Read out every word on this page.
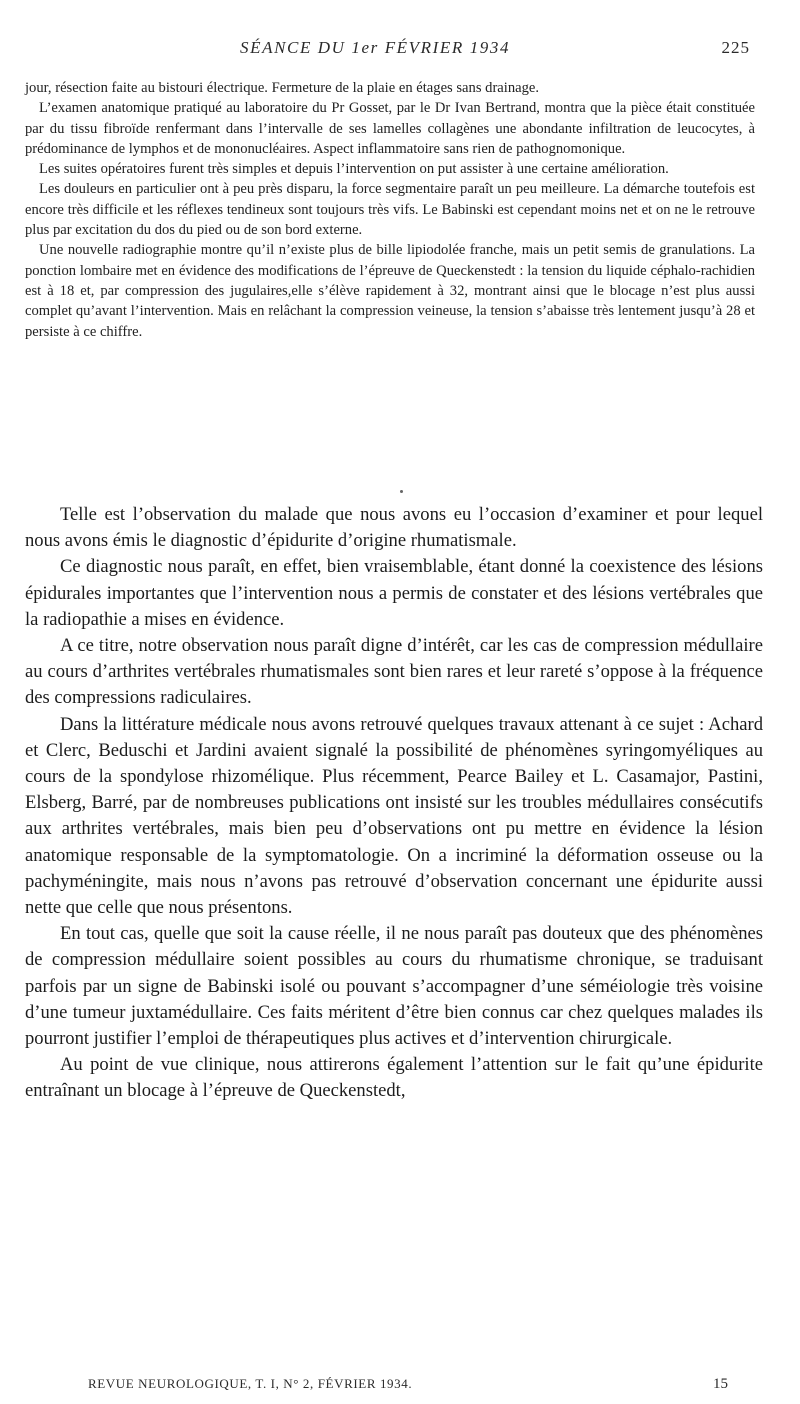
SÉANCE DU 1er FÉVRIER 1934	225

jour, résection faite au bistouri électrique. Fermeture de la plaie en étages sans drainage.

L’examen anatomique pratiqué au laboratoire du Pr Gosset, par le Dr Ivan Bertrand, montra que la pièce était constituée par du tissu fibroïde renfermant dans l’intervalle de ses lamelles collagènes une abondante infiltration de leucocytes, à prédominance de lymphos et de mononucléaires. Aspect inflammatoire sans rien de pathognomonique.

Les suites opératoires furent très simples et depuis l’intervention on put assister à une certaine amélioration.

Les douleurs en particulier ont à peu près disparu, la force segmentaire paraît un peu meilleure. La démarche toutefois est encore très difficile et les réflexes tendineux sont toujours très vifs. Le Babinski est cependant moins net et on ne le retrouve plus par excitation du dos du pied ou de son bord externe.

Une nouvelle radiographie montre qu’il n’existe plus de bille lipiodolée franche, mais un petit semis de granulations. La ponction lombaire met en évidence des modifications de l’épreuve de Queckenstedt : la tension du liquide céphalo-rachidien est à 18 et, par compression des jugulaires,elle s’élève rapidement à 32, montrant ainsi que le blocage n’est plus aussi complet qu’avant l’intervention. Mais en relâchant la compression veineuse, la tension s’abaisse très lentement jusqu’à 28 et persiste à ce chiffre.

Telle est l’observation du malade que nous avons eu l’occasion d’examiner et pour lequel nous avons émis le diagnostic d’épidurite d’origine rhumatismale.

Ce diagnostic nous paraît, en effet, bien vraisemblable, étant donné la coexistence des lésions épidurales importantes que l’intervention nous a permis de constater et des lésions vertébrales que la radiopathie a mises en évidence.

A ce titre, notre observation nous paraît digne d’intérêt, car les cas de compression médullaire au cours d’arthrites vertébrales rhumatismales sont bien rares et leur rareté s’oppose à la fréquence des compressions radiculaires.

Dans la littérature médicale nous avons retrouvé quelques travaux attenant à ce sujet : Achard et Clerc, Beduschi et Jardini avaient signalé la possibilité de phénomènes syringomyéliques au cours de la spondylose rhizomélique. Plus récemment, Pearce Bailey et L. Casamajor, Pastini, Elsberg, Barré, par de nombreuses publications ont insisté sur les troubles médullaires consécutifs aux arthrites vertébrales, mais bien peu d’observations ont pu mettre en évidence la lésion anatomique responsable de la symptomatologie. On a incriminé la déformation osseuse ou la pachyméningite, mais nous n’avons pas retrouvé d’observation concernant une épidurite aussi nette que celle que nous présentons.

En tout cas, quelle que soit la cause réelle, il ne nous paraît pas douteux que des phénomènes de compression médullaire soient possibles au cours du rhumatisme chronique, se traduisant parfois par un signe de Babinski isolé ou pouvant s’accompagner d’une séméiologie très voisine d’une tumeur juxtamédullaire. Ces faits méritent d’être bien connus car chez quelques malades ils pourront justifier l’emploi de thérapeutiques plus actives et d’intervention chirurgicale.

Au point de vue clinique, nous attirerons également l’attention sur le fait qu’une épidurite entraînant un blocage à l’épreuve de Queckenstedt,

REVUE NEUROLOGIQUE, T. I, N° 2, FÉVRIER 1934.	15
